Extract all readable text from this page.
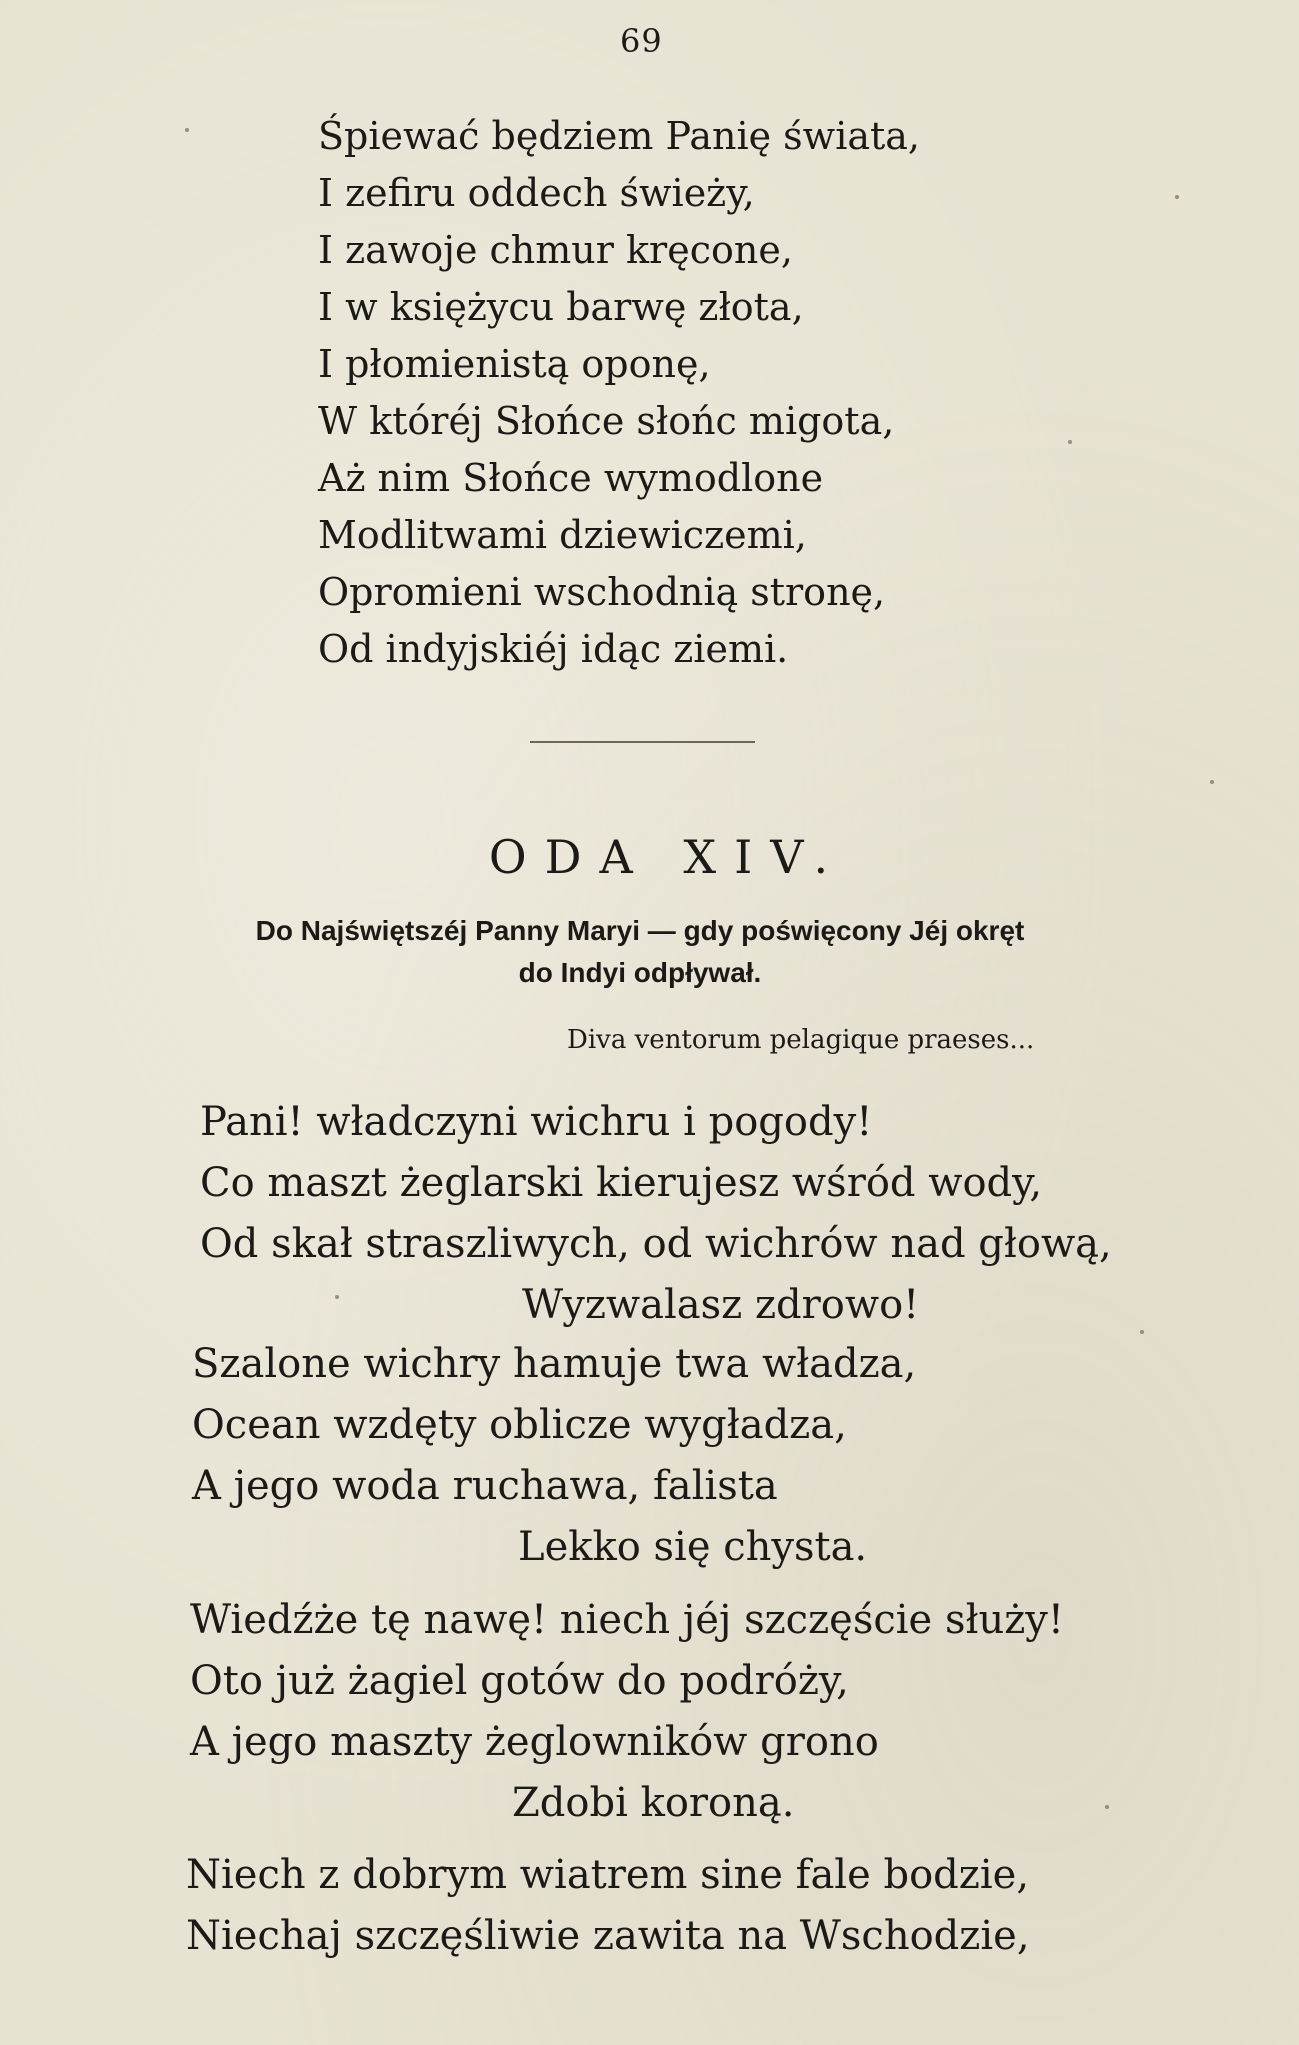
69
Śpiewać będziem Panię świata,
I zefiru oddech świeży,
I zawoje chmur kręcone,
I w księżycu barwę złota,
I płomienistą oponę,
W któréj Słońce słońc migota,
Aż nim Słońce wymodlone
Modlitwami dziewiczemi,
Opromieni wschodnią stronę,
Od indyjskiéj idąc ziemi.
ODA XIV.
Do Najświętszéj Panny Maryi — gdy poświęcony Jéj okręt
do Indyi odpływał.
Diva ventorum pelagique praeses...
Pani! władczyni wichru i pogody!
Co maszt żeglarski kierujesz wśród wody,
Od skał straszliwych, od wichrów nad głową,
Wyzwalasz zdrowo!
Szalone wichry hamuje twa władza,
Ocean wzdęty oblicze wygładza,
A jego woda ruchawa, falista
Lekko się chysta.
Wiedźże tę nawę! niech jéj szczęście służy!
Oto już żagiel gotów do podróży,
A jego maszty żeglowników grono
Zdobi koroną.
Niech z dobrym wiatrem sine fale bodzie,
Niechaj szczęśliwie zawita na Wschodzie,
